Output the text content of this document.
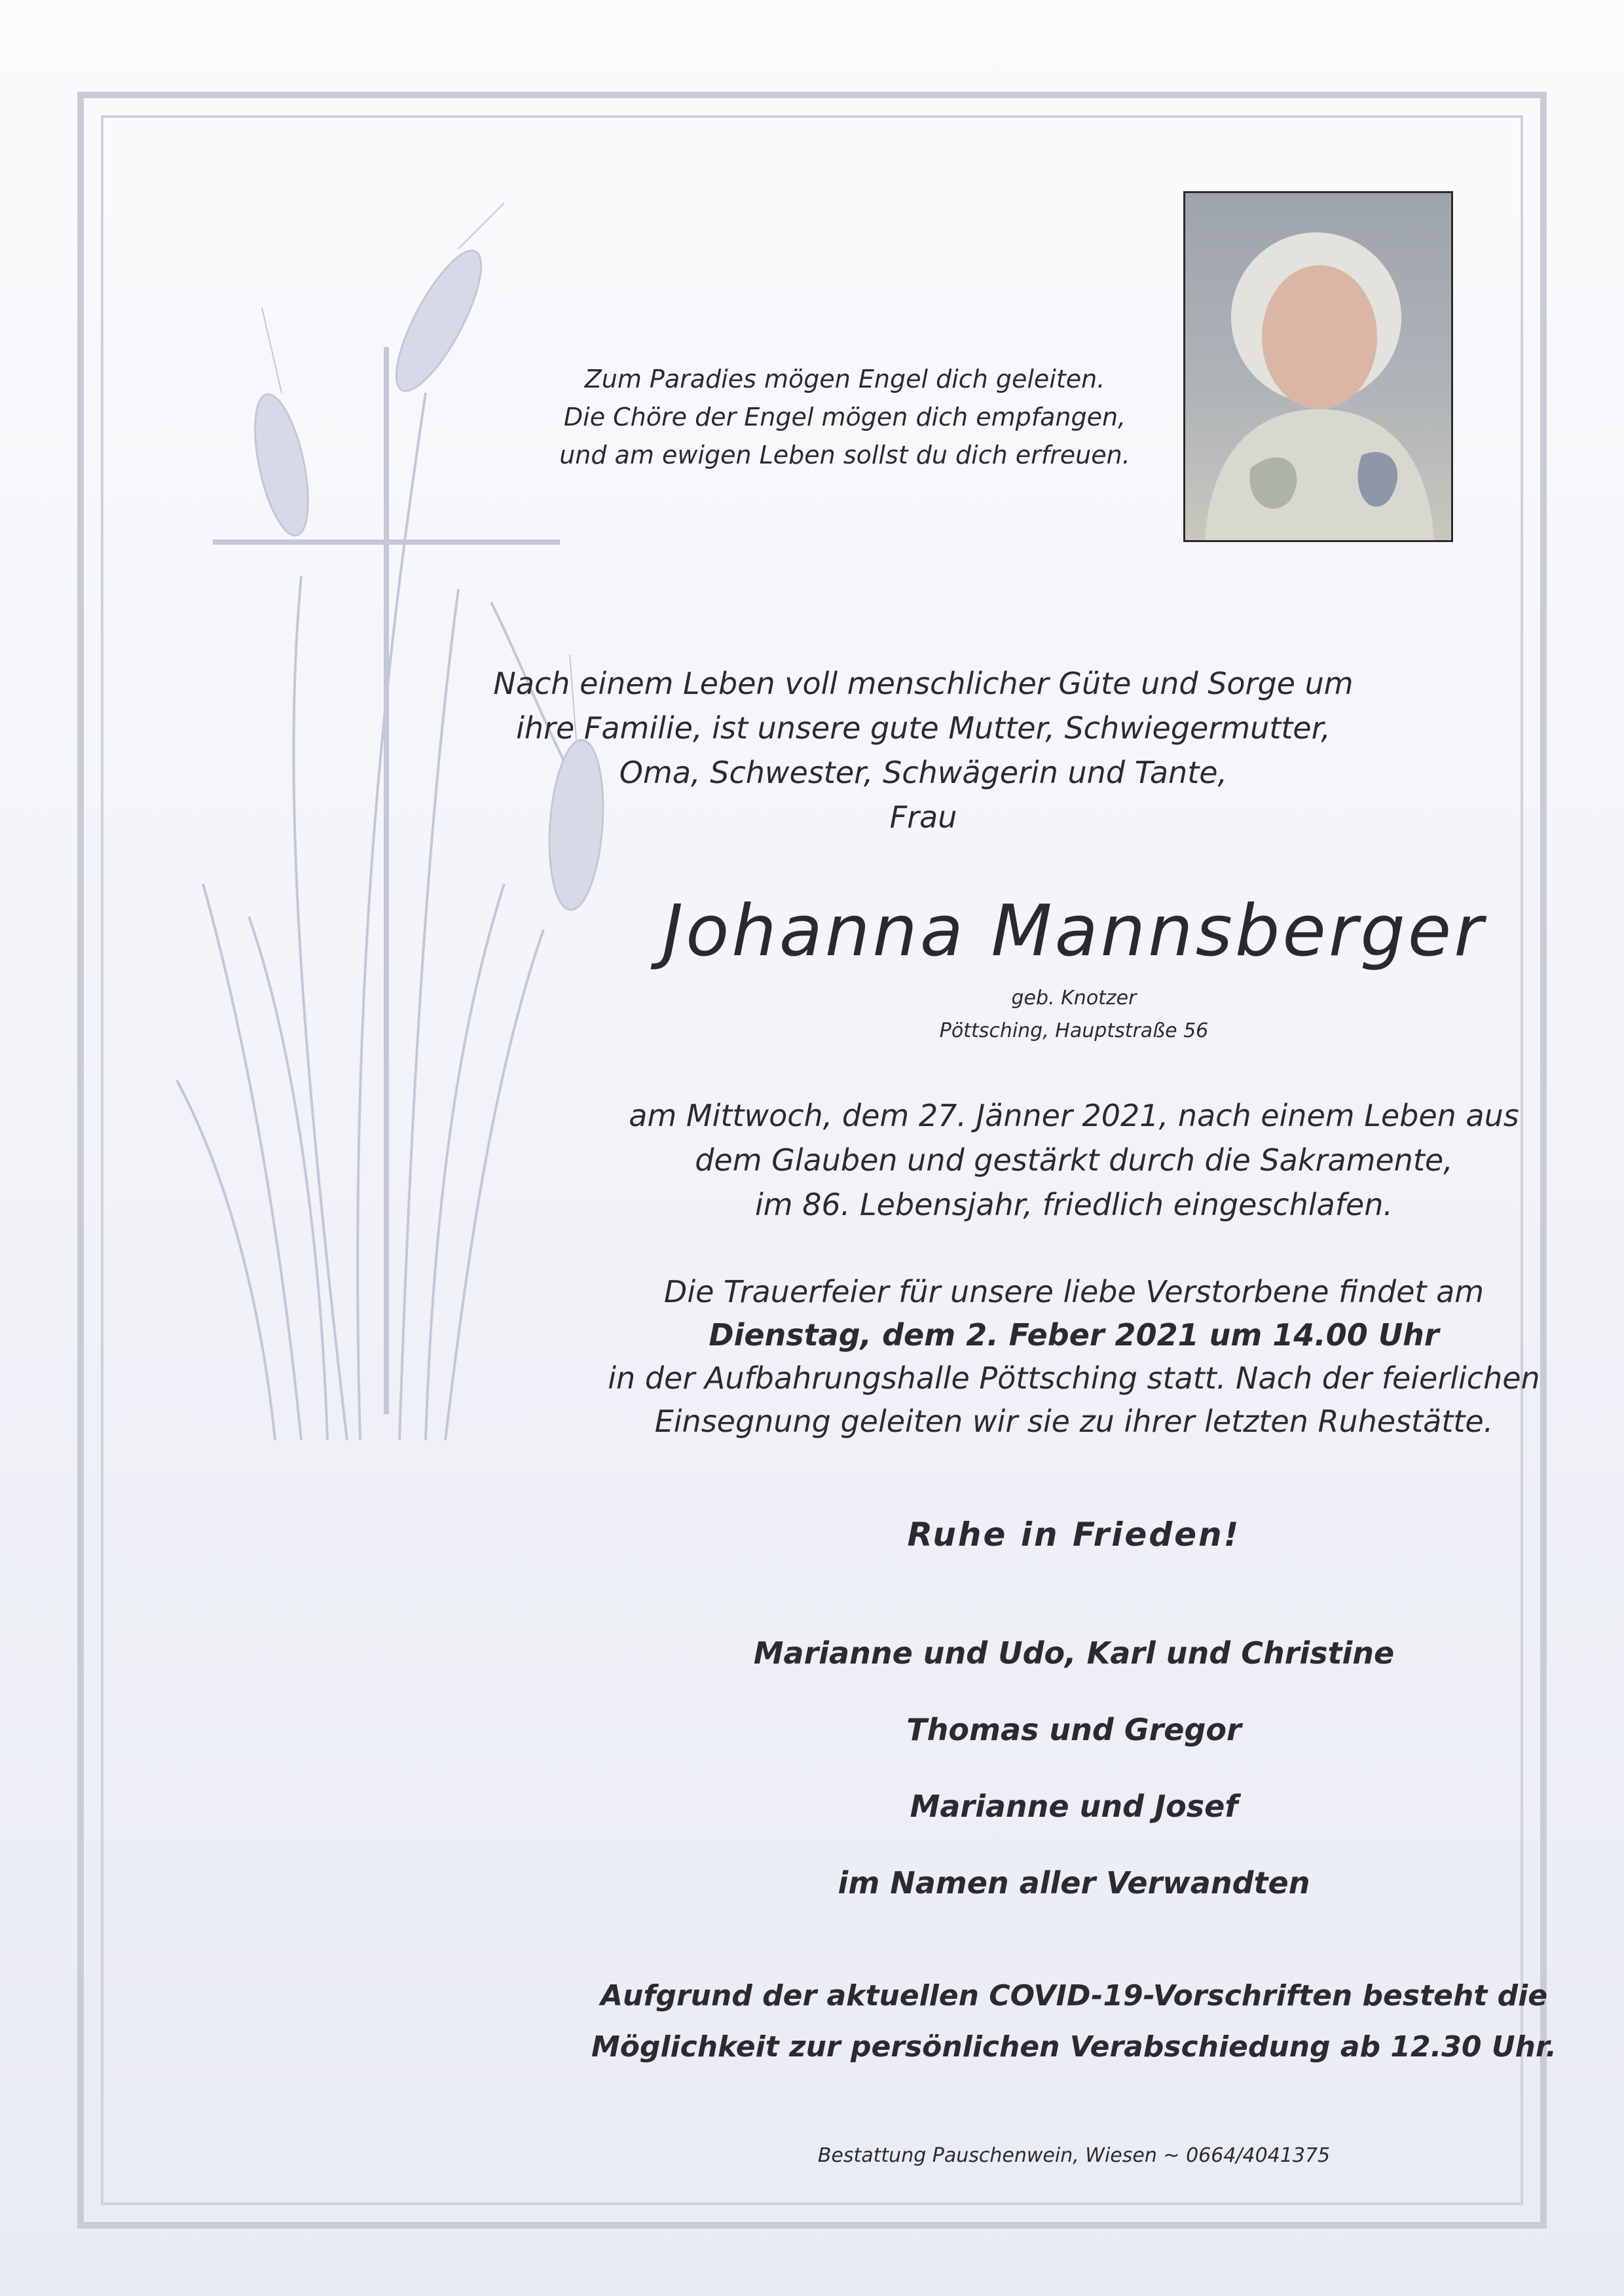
Zum Paradies mögen Engel dich geleiten.
Die Chöre der Engel mögen dich empfangen,
und am ewigen Leben sollst du dich erfreuen.
Nach einem Leben voll menschlicher Güte und Sorge um
ihre Familie, ist unsere gute Mutter, Schwiegermutter,
Oma, Schwester, Schwägerin und Tante,
Frau
Johanna Mannsberger
geb. Knotzer
Pöttsching, Hauptstraße 56
am Mittwoch, dem 27. Jänner 2021, nach einem Leben aus
dem Glauben und gestärkt durch die Sakramente,
im 86. Lebensjahr, friedlich eingeschlafen.
Die Trauerfeier für unsere liebe Verstorbene findet am
Dienstag, dem 2. Feber 2021 um 14.00 Uhr
in der Aufbahrungshalle Pöttsching statt. Nach der feierlichen
Einsegnung geleiten wir sie zu ihrer letzten Ruhestätte.
Ruhe in Frieden!
Marianne und Udo, Karl und Christine
Thomas und Gregor
Marianne und Josef
im Namen aller Verwandten
Aufgrund der aktuellen COVID-19-Vorschriften besteht die
Möglichkeit zur persönlichen Verabschiedung ab 12.30 Uhr.
Bestattung Pauschenwein, Wiesen ~ 0664/4041375
